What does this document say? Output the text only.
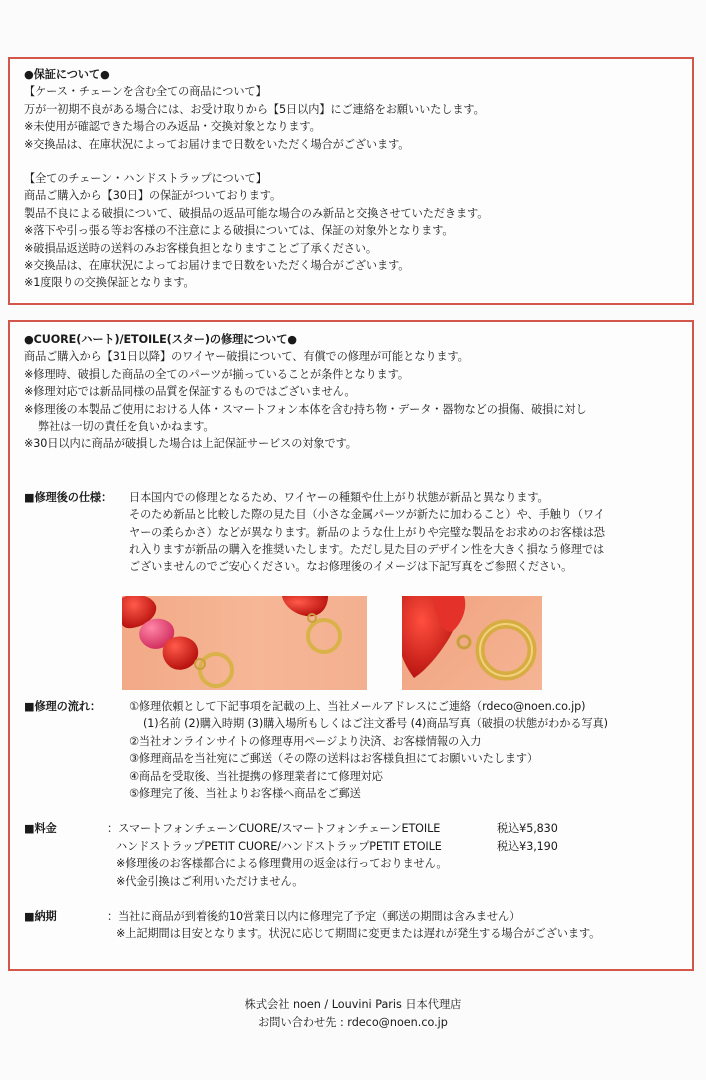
●保証について●
【ケース・チェーンを含む全ての商品について】
万が一初期不良がある場合には、お受け取りから【5日以内】にご連絡をお願いいたします。
※未使用が確認できた場合のみ返品・交換対象となります。
※交換品は、在庫状況によってお届けまで日数をいただく場合がございます。
【全てのチェーン・ハンドストラップについて】
商品ご購入から【30日】の保証がついております。
製品不良による破損について、破損品の返品可能な場合のみ新品と交換させていただきます。
※落下や引っ張る等お客様の不注意による破損については、保証の対象外となります。
※破損品返送時の送料のみお客様負担となりますことご了承ください。
※交換品は、在庫状況によってお届けまで日数をいただく場合がございます。
※1度限りの交換保証となります。
●CUORE(ハート)/ETOILE(スター)の修理について●
商品ご購入から【31日以降】のワイヤー破損について、有償での修理が可能となります。
※修理時、破損した商品の全てのパーツが揃っていることが条件となります。
※修理対応では新品同様の品質を保証するものではございません。
※修理後の本製品ご使用における人体・スマートフォン本体を含む持ち物・データ・器物などの損傷、破損に対し
弊社は一切の責任を負いかねます。
※30日以内に商品が破損した場合は上記保証サービスの対象です。
■修理後の仕様： 日本国内での修理となるため、ワイヤーの種類や仕上がり状態が新品と異なります。
そのため新品と比較した際の見た目（小さな金属パーツが新たに加わること）や、手触り（ワイ
ヤーの柔らかさ）などが異なります。新品のような仕上がりや完璧な製品をお求めのお客様は恐
れ入りますが新品の購入を推奨いたします。ただし見た目のデザイン性を大きく損なう修理では
ございませんのでご安心ください。なお修理後のイメージは下記写真をご参照ください。
■修理の流れ：	①修理依頼として下記事項を記載の上、当社メールアドレスにご連絡（rdeco@noen.co.jp)
(1)名前 (2)購入時期 (3)購入場所もしくはご注文番号 (4)商品写真（破損の状態がわかる写真)
②当社オンラインサイトの修理専用ページより決済、お客様情報の入力
③修理商品を当社宛にご郵送（その際の送料はお客様負担にてお願いいたします）
④商品を受取後、当社提携の修理業者にて修理対応
⑤修理完了後、当社よりお客様へ商品をご郵送
■料金	：スマートフォンチェーンCUORE/スマートフォンチェーンETOILE	税込¥5,830
ハンドストラップPETIT CUORE/ハンドストラップPETIT ETOILE	税込¥3,190
※修理後のお客様都合による修理費用の返金は行っておりません。
※代金引換はご利用いただけません。
■納期	：当社に商品が到着後約10営業日以内に修理完了予定（郵送の期間は含みません）
※上記期間は目安となります。状況に応じて期間に変更または遅れが発生する場合がございます。
株式会社 noen / Louvini Paris 日本代理店
お問い合わせ先 : rdeco@noen.co.jp
